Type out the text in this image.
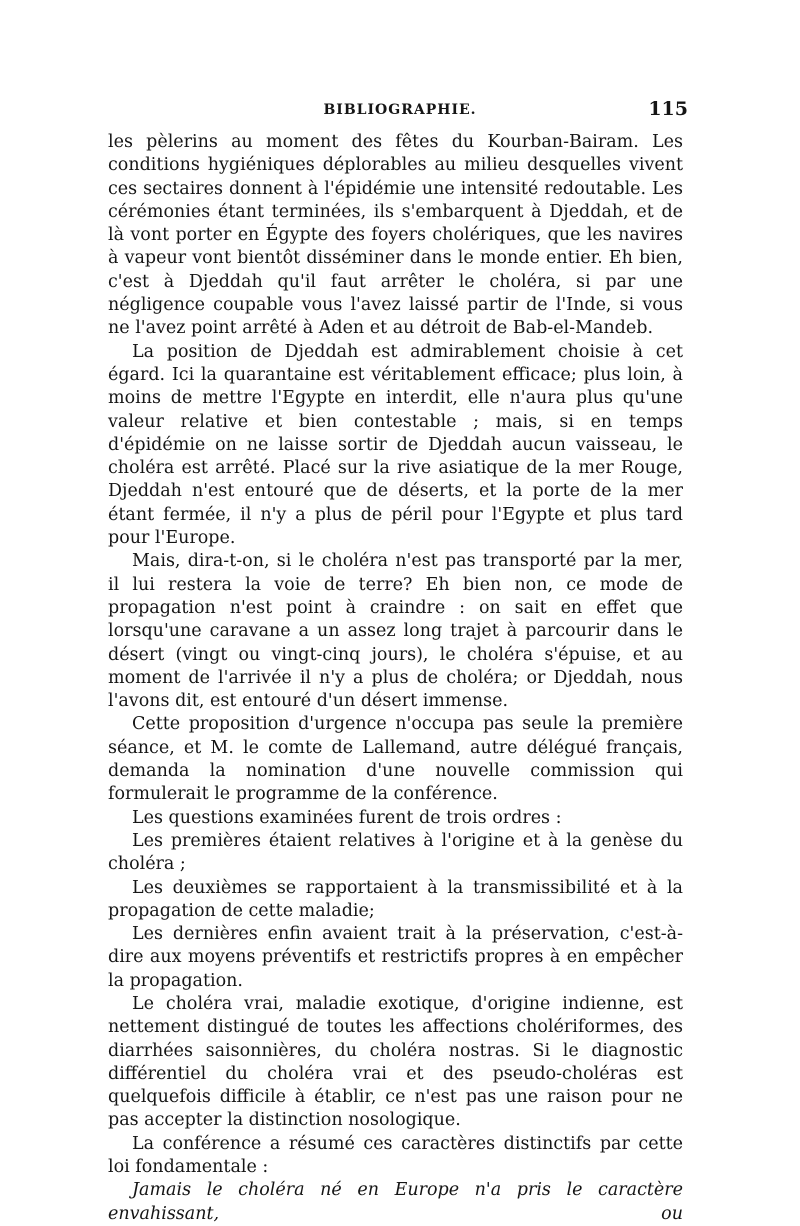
BIBLIOGRAPHIE.	115

les pèlerins au moment des fêtes du Kourban-Bairam. Les conditions hygiéniques déplorables au milieu desquelles vivent ces sectaires donnent à l'épidémie une intensité redoutable. Les cérémonies étant terminées, ils s'embarquent à Djeddah, et de là vont porter en Égypte des foyers cholériques, que les navires à vapeur vont bientôt disséminer dans le monde entier. Eh bien, c'est à Djeddah qu'il faut arrêter le choléra, si par une négligence coupable vous l'avez laissé partir de l'Inde, si vous ne l'avez point arrêté à Aden et au détroit de Bab-el-Mandeb.

La position de Djeddah est admirablement choisie à cet égard. Ici la quarantaine est véritablement efficace; plus loin, à moins de mettre l'Egypte en interdit, elle n'aura plus qu'une valeur relative et bien contestable ; mais, si en temps d'épidémie on ne laisse sortir de Djeddah aucun vaisseau, le choléra est arrêté. Placé sur la rive asiatique de la mer Rouge, Djeddah n'est entouré que de déserts, et la porte de la mer étant fermée, il n'y a plus de péril pour l'Egypte et plus tard pour l'Europe.

Mais, dira-t-on, si le choléra n'est pas transporté par la mer, il lui restera la voie de terre? Eh bien non, ce mode de propagation n'est point à craindre : on sait en effet que lorsqu'une caravane a un assez long trajet à parcourir dans le désert (vingt ou vingt-cinq jours), le choléra s'épuise, et au moment de l'arrivée il n'y a plus de choléra; or Djeddah, nous l'avons dit, est entouré d'un désert immense.

Cette proposition d'urgence n'occupa pas seule la première séance, et M. le comte de Lallemand, autre délégué français, demanda la nomination d'une nouvelle commission qui formulerait le programme de la conférence.

Les questions examinées furent de trois ordres :

Les premières étaient relatives à l'origine et à la genèse du choléra ;

Les deuxièmes se rapportaient à la transmissibilité et à la propagation de cette maladie;

Les dernières enfin avaient trait à la préservation, c'est-à-dire aux moyens préventifs et restrictifs propres à en empêcher la propagation.

Le choléra vrai, maladie exotique, d'origine indienne, est nettement distingué de toutes les affections cholériformes, des diarrhées saisonnières, du choléra nostras. Si le diagnostic différentiel du choléra vrai et des pseudo-choléras est quelquefois difficile à établir, ce n'est pas une raison pour ne pas accepter la distinction nosologique.

La conférence a résumé ces caractères distinctifs par cette loi fondamentale :

Jamais le choléra né en Europe n'a pris le caractère envahissant, ou
